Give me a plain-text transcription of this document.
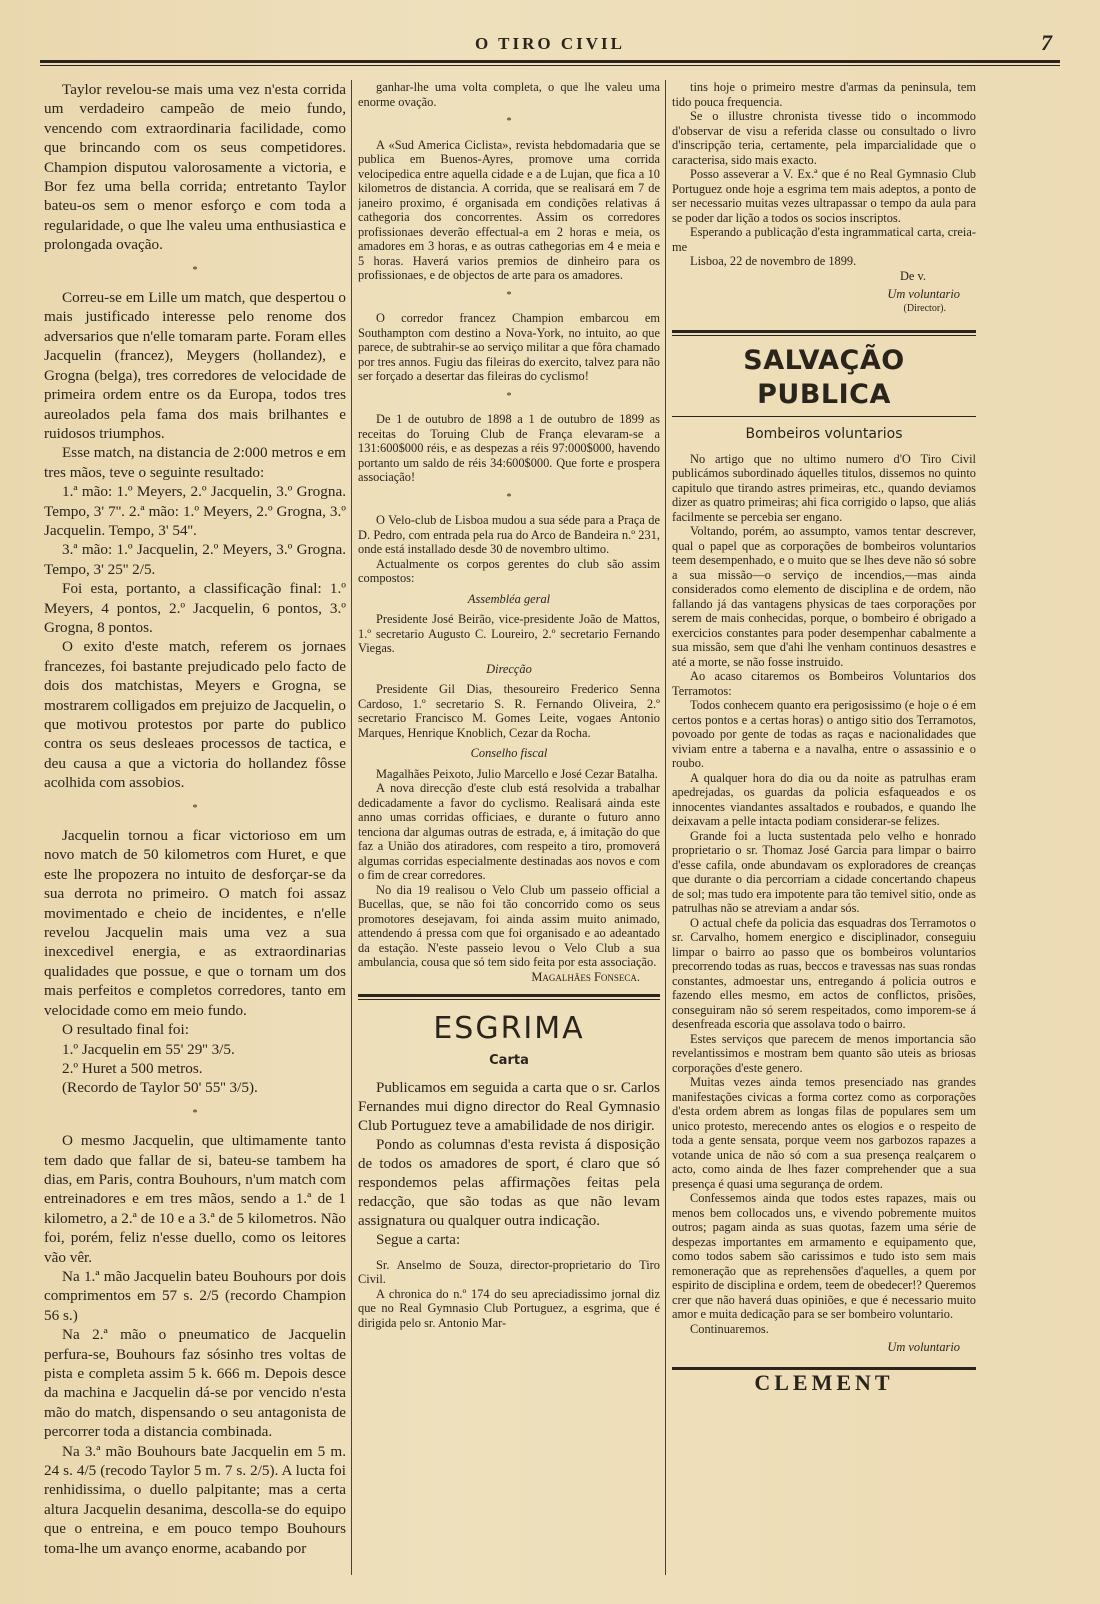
O TIRO CIVIL	7

Taylor revelou-se mais uma vez n'esta corrida um verdadeiro campeão de meio fundo, vencendo com extraordinaria facilidade, como que brincando com os seus competidores. Champion disputou valorosamente a victoria, e Bor fez uma bella corrida; entretanto Taylor bateu-os sem o menor esforço e com toda a regularidade, o que lhe valeu uma enthusiastica e prolongada ovação.

*

Correu-se em Lille um match, que despertou o mais justificado interesse pelo renome dos adversarios que n'elle tomaram parte. Foram elles Jacquelin (francez), Meygers (hollandez), e Grogna (belga), tres corredores de velocidade de primeira ordem entre os da Europa, todos tres aureolados pela fama dos mais brilhantes e ruidosos triumphos.

Esse match, na distancia de 2:000 metros e em tres mãos, teve o seguinte resultado:

1.ª mão: 1.º Meyers, 2.º Jacquelin, 3.º Grogna. Tempo, 3' 7''. 2.ª mão: 1.º Meyers, 2.º Grogna, 3.º Jacquelin. Tempo, 3' 54''.

3.ª mão: 1.º Jacquelin, 2.º Meyers, 3.º Grogna. Tempo, 3' 25'' 2/5.

Foi esta, portanto, a classificação final: 1.º Meyers, 4 pontos, 2.º Jacquelin, 6 pontos, 3.º Grogna, 8 pontos.

O exito d'este match, referem os jornaes francezes, foi bastante prejudicado pelo facto de dois dos matchistas, Meyers e Grogna, se mostrarem colligados em prejuizo de Jacquelin, o que motivou protestos por parte do publico contra os seus desleaes processos de tactica, e deu causa a que a victoria do hollandez fôsse acolhida com assobios.

*

Jacquelin tornou a ficar victorioso em um novo match de 50 kilometros com Huret, e que este lhe propozera no intuito de desforçar-se da sua derrota no primeiro. O match foi assaz movimentado e cheio de incidentes, e n'elle revelou Jacquelin mais uma vez a sua inexcedivel energia, e as extraordinarias qualidades que possue, e que o tornam um dos mais perfeitos e completos corredores, tanto em velocidade como em meio fundo.

O resultado final foi:

1.º Jacquelin em 55' 29'' 3/5.

2.º Huret a 500 metros.

(Recordo de Taylor 50' 55'' 3/5).

*

O mesmo Jacquelin, que ultimamente tanto tem dado que fallar de si, bateu-se tambem ha dias, em Paris, contra Bouhours, n'um match com entreinadores e em tres mãos, sendo a 1.ª de 1 kilometro, a 2.ª de 10 e a 3.ª de 5 kilometros. Não foi, porém, feliz n'esse duello, como os leitores vão vêr.

Na 1.ª mão Jacquelin bateu Bouhours por dois comprimentos em 57 s. 2/5 (recordo Champion 56 s.)

Na 2.ª mão o pneumatico de Jacquelin perfura-se, Bouhours faz sósinho tres voltas de pista e completa assim 5 k. 666 m. Depois desce da machina e Jacquelin dá-se por vencido n'esta mão do match, dispensando o seu antagonista de percorrer toda a distancia combinada.

Na 3.ª mão Bouhours bate Jacquelin em 5 m. 24 s. 4/5 (recodo Taylor 5 m. 7 s. 2/5). A lucta foi renhidissima, o duello palpitante; mas a certa altura Jacquelin desanima, descolla-se do equipo que o entreina, e em pouco tempo Bouhours toma-lhe um avanço enorme, acabando por

ganhar-lhe uma volta completa, o que lhe valeu uma enorme ovação.

*

A «Sud America Ciclista», revista hebdomadaria que se publica em Buenos-Ayres, promove uma corrida velocipedica entre aquella cidade e a de Lujan, que fica a 10 kilometros de distancia. A corrida, que se realisará em 7 de janeiro proximo, é organisada em condições relativas á cathegoria dos concorrentes. Assim os corredores profissionaes deverão effectual-a em 2 horas e meia, os amadores em 3 horas, e as outras cathegorias em 4 e meia e 5 horas. Haverá varios premios de dinheiro para os profissionaes, e de objectos de arte para os amadores.

*

O corredor francez Champion embarcou em Southampton com destino a Nova-York, no intuito, ao que parece, de subtrahir-se ao serviço militar a que fôra chamado por tres annos. Fugiu das fileiras do exercito, talvez para não ser forçado a desertar das fileiras do cyclismo!

*

De 1 de outubro de 1898 a 1 de outubro de 1899 as receitas do Toruing Club de França elevaram-se a 131:600$000 réis, e as despezas a réis 97:000$000, havendo portanto um saldo de réis 34:600$000. Que forte e prospera associação!

*

O Velo-club de Lisboa mudou a sua séde para a Praça de D. Pedro, com entrada pela rua do Arco de Bandeira n.º 231, onde está installado desde 30 de novembro ultimo.

Actualmente os corpos gerentes do club são assim compostos:

Assembléa geral

Presidente José Beirão, vice-presidente João de Mattos, 1.º secretario Augusto C. Loureiro, 2.º secretario Fernando Viegas.

Direcção

Presidente Gil Dias, thesoureiro Frederico Senna Cardoso, 1.º secretario S. R. Fernando Oliveira, 2.º secretario Francisco M. Gomes Leite, vogaes Antonio Marques, Henrique Knoblich, Cezar da Rocha.

Conselho fiscal

Magalhães Peixoto, Julio Marcello e José Cezar Batalha.

A nova direcção d'este club está resolvida a trabalhar dedicadamente a favor do cyclismo. Realisará ainda este anno umas corridas officiaes, e durante o futuro anno tenciona dar algumas outras de estrada, e, á imitação do que faz a União dos atiradores, com respeito a tiro, promoverá algumas corridas especialmente destinadas aos novos e com o fim de crear corredores.

No dia 19 realisou o Velo Club um passeio official a Bucellas, que, se não foi tão concorrido como os seus promotores desejavam, foi ainda assim muito animado, attendendo á pressa com que foi organisado e ao adeantado da estação. N'este passeio levou o Velo Club a sua ambulancia, cousa que só tem sido feita por esta associação.

Magalhães Fonseca.

ESGRIMA

Carta

Publicamos em seguida a carta que o sr. Carlos Fernandes mui digno director do Real Gymnasio Club Portuguez teve a amabilidade de nos dirigir.

Pondo as columnas d'esta revista á disposição de todos os amadores de sport, é claro que só respondemos pelas affirmações feitas pela redacção, que são todas as que não levam assignatura ou qualquer outra indicação.

Segue a carta:

Sr. Anselmo de Souza, director-proprietario do Tiro Civil.

A chronica do n.º 174 do seu apreciadissimo jornal diz que no Real Gymnasio Club Portuguez, a esgrima, que é dirigida pelo sr. Antonio Mar-

tins hoje o primeiro mestre d'armas da peninsula, tem tido pouca frequencia.

Se o illustre chronista tivesse tido o incommodo d'observar de visu a referida classe ou consultado o livro d'inscripção teria, certamente, pela imparcialidade que o caracterisa, sido mais exacto.

Posso asseverar a V. Ex.ª que é no Real Gymnasio Club Portuguez onde hoje a esgrima tem mais adeptos, a ponto de ser necessario muitas vezes ultrapassar o tempo da aula para se poder dar lição a todos os socios inscriptos.

Esperando a publicação d'esta ingrammatical carta, creia-me

Lisboa, 22 de novembro de 1899.

De v.

Um voluntario

(Director).

SALVAÇÃO PUBLICA

Bombeiros voluntarios

No artigo que no ultimo numero d'O Tiro Civil publicámos subordinado áquelles titulos, dissemos no quinto capitulo que tirando astres primeiras, etc., quando deviamos dizer as quatro primeiras; ahi fica corrigido o lapso, que aliás facilmente se percebia ser engano.

Voltando, porém, ao assumpto, vamos tentar descrever, qual o papel que as corporações de bombeiros voluntarios teem desempenhado, e o muito que se lhes deve não só sobre a sua missão—o serviço de incendios,—mas ainda considerados como elemento de disciplina e de ordem, não fallando já das vantagens physicas de taes corporações por serem de mais conhecidas, porque, o bombeiro é obrigado a exercicios constantes para poder desempenhar cabalmente a sua missão, sem que d'ahi lhe venham continuos desastres e até a morte, se não fosse instruido.

Ao acaso citaremos os Bombeiros Voluntarios dos Terramotos:

Todos conhecem quanto era perigosissimo (e hoje o é em certos pontos e a certas horas) o antigo sitio dos Terramotos, povoado por gente de todas as raças e nacionalidades que viviam entre a taberna e a navalha, entre o assassinio e o roubo.

A qualquer hora do dia ou da noite as patrulhas eram apedrejadas, os guardas da policia esfaqueados e os innocentes viandantes assaltados e roubados, e quando lhe deixavam a pelle intacta podiam considerar-se felizes.

Grande foi a lucta sustentada pelo velho e honrado proprietario o sr. Thomaz José Garcia para limpar o bairro d'esse cafila, onde abundavam os exploradores de creanças que durante o dia percorriam a cidade concertando chapeus de sol; mas tudo era impotente para tão temivel sitio, onde as patrulhas não se atreviam a andar sós.

O actual chefe da policia das esquadras dos Terramotos o sr. Carvalho, homem energico e disciplinador, conseguiu limpar o bairro ao passo que os bombeiros voluntarios precorrendo todas as ruas, beccos e travessas nas suas rondas constantes, admoestar uns, entregando á policia outros e fazendo elles mesmo, em actos de conflictos, prisões, conseguiram não só serem respeitados, como imporem-se á desenfreada escoria que assolava todo o bairro.

Estes serviços que parecem de menos importancia são revelantissimos e mostram bem quanto são uteis as briosas corporações d'este genero.

Muitas vezes ainda temos presenciado nas grandes manifestações civicas a forma cortez como as corporações d'esta ordem abrem as longas filas de populares sem um unico protesto, merecendo antes os elogios e o respeito de toda a gente sensata, porque veem nos garbozos rapazes a votande unica de não só com a sua presença realçarem o acto, como ainda de lhes fazer comprehender que a sua presença é quasi uma segurança de ordem.

Confessemos ainda que todos estes rapazes, mais ou menos bem collocados uns, e vivendo pobremente muitos outros; pagam ainda as suas quotas, fazem uma série de despezas importantes em armamento e equipamento que, como todos sabem são carissimos e tudo isto sem mais remoneração que as reprehensões d'aquelles, a quem por espirito de disciplina e ordem, teem de obedecer!? Queremos crer que não haverá duas opiniões, e que é necessario muito amor e muita dedicação para se ser bombeiro voluntario.

Continuaremos.

Um voluntario

CLEMENT
